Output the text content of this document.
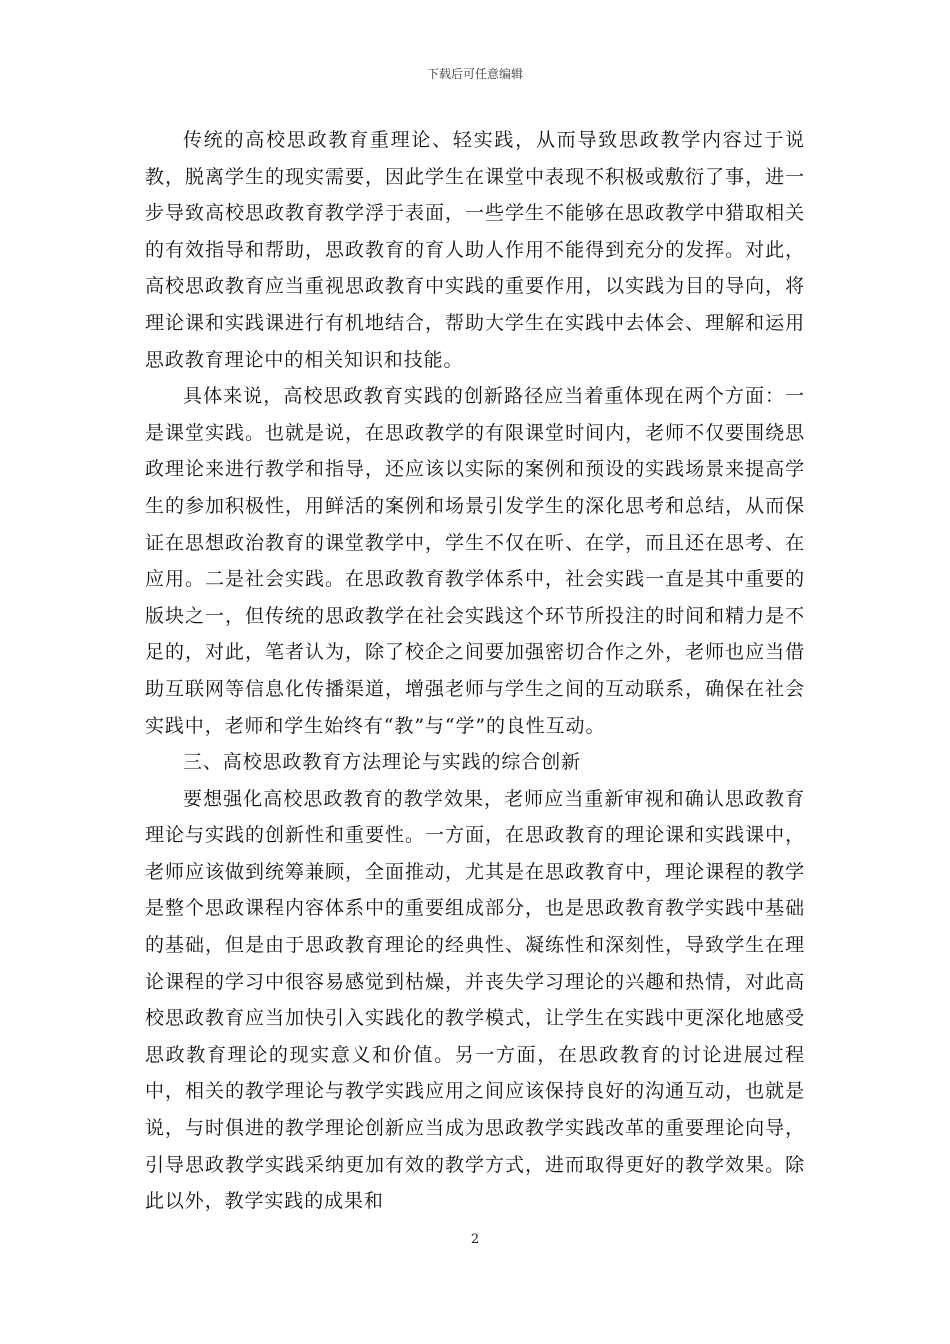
下载后可任意编辑

传统的高校思政教育重理论、轻实践，从而导致思政教学内容过于说教，脱离学生的现实需要，因此学生在课堂中表现不积极或敷衍了事，进一步导致高校思政教育教学浮于表面，一些学生不能够在思政教学中猎取相关的有效指导和帮助，思政教育的育人助人作用不能得到充分的发挥。对此，高校思政教育应当重视思政教育中实践的重要作用，以实践为目的导向，将理论课和实践课进行有机地结合，帮助大学生在实践中去体会、理解和运用思政教育理论中的相关知识和技能。

具体来说，高校思政教育实践的创新路径应当着重体现在两个方面：一是课堂实践。也就是说，在思政教学的有限课堂时间内，老师不仅要围绕思政理论来进行教学和指导，还应该以实际的案例和预设的实践场景来提高学生的参加积极性，用鲜活的案例和场景引发学生的深化思考和总结，从而保证在思想政治教育的课堂教学中，学生不仅在听、在学，而且还在思考、在应用。二是社会实践。在思政教育教学体系中，社会实践一直是其中重要的版块之一，但传统的思政教学在社会实践这个环节所投注的时间和精力是不足的，对此，笔者认为，除了校企之间要加强密切合作之外，老师也应当借助互联网等信息化传播渠道，增强老师与学生之间的互动联系，确保在社会实践中，老师和学生始终有“教”与“学”的良性互动。

三、高校思政教育方法理论与实践的综合创新

要想强化高校思政教育的教学效果，老师应当重新审视和确认思政教育理论与实践的创新性和重要性。一方面，在思政教育的理论课和实践课中，老师应该做到统筹兼顾，全面推动，尤其是在思政教育中，理论课程的教学是整个思政课程内容体系中的重要组成部分，也是思政教育教学实践中基础的基础，但是由于思政教育理论的经典性、凝练性和深刻性，导致学生在理论课程的学习中很容易感觉到枯燥，并丧失学习理论的兴趣和热情，对此高校思政教育应当加快引入实践化的教学模式，让学生在实践中更深化地感受思政教育理论的现实意义和价值。另一方面，在思政教育的讨论进展过程中，相关的教学理论与教学实践应用之间应该保持良好的沟通互动，也就是说，与时俱进的教学理论创新应当成为思政教学实践改革的重要理论向导，引导思政教学实践采纳更加有效的教学方式，进而取得更好的教学效果。除此以外，教学实践的成果和

2
